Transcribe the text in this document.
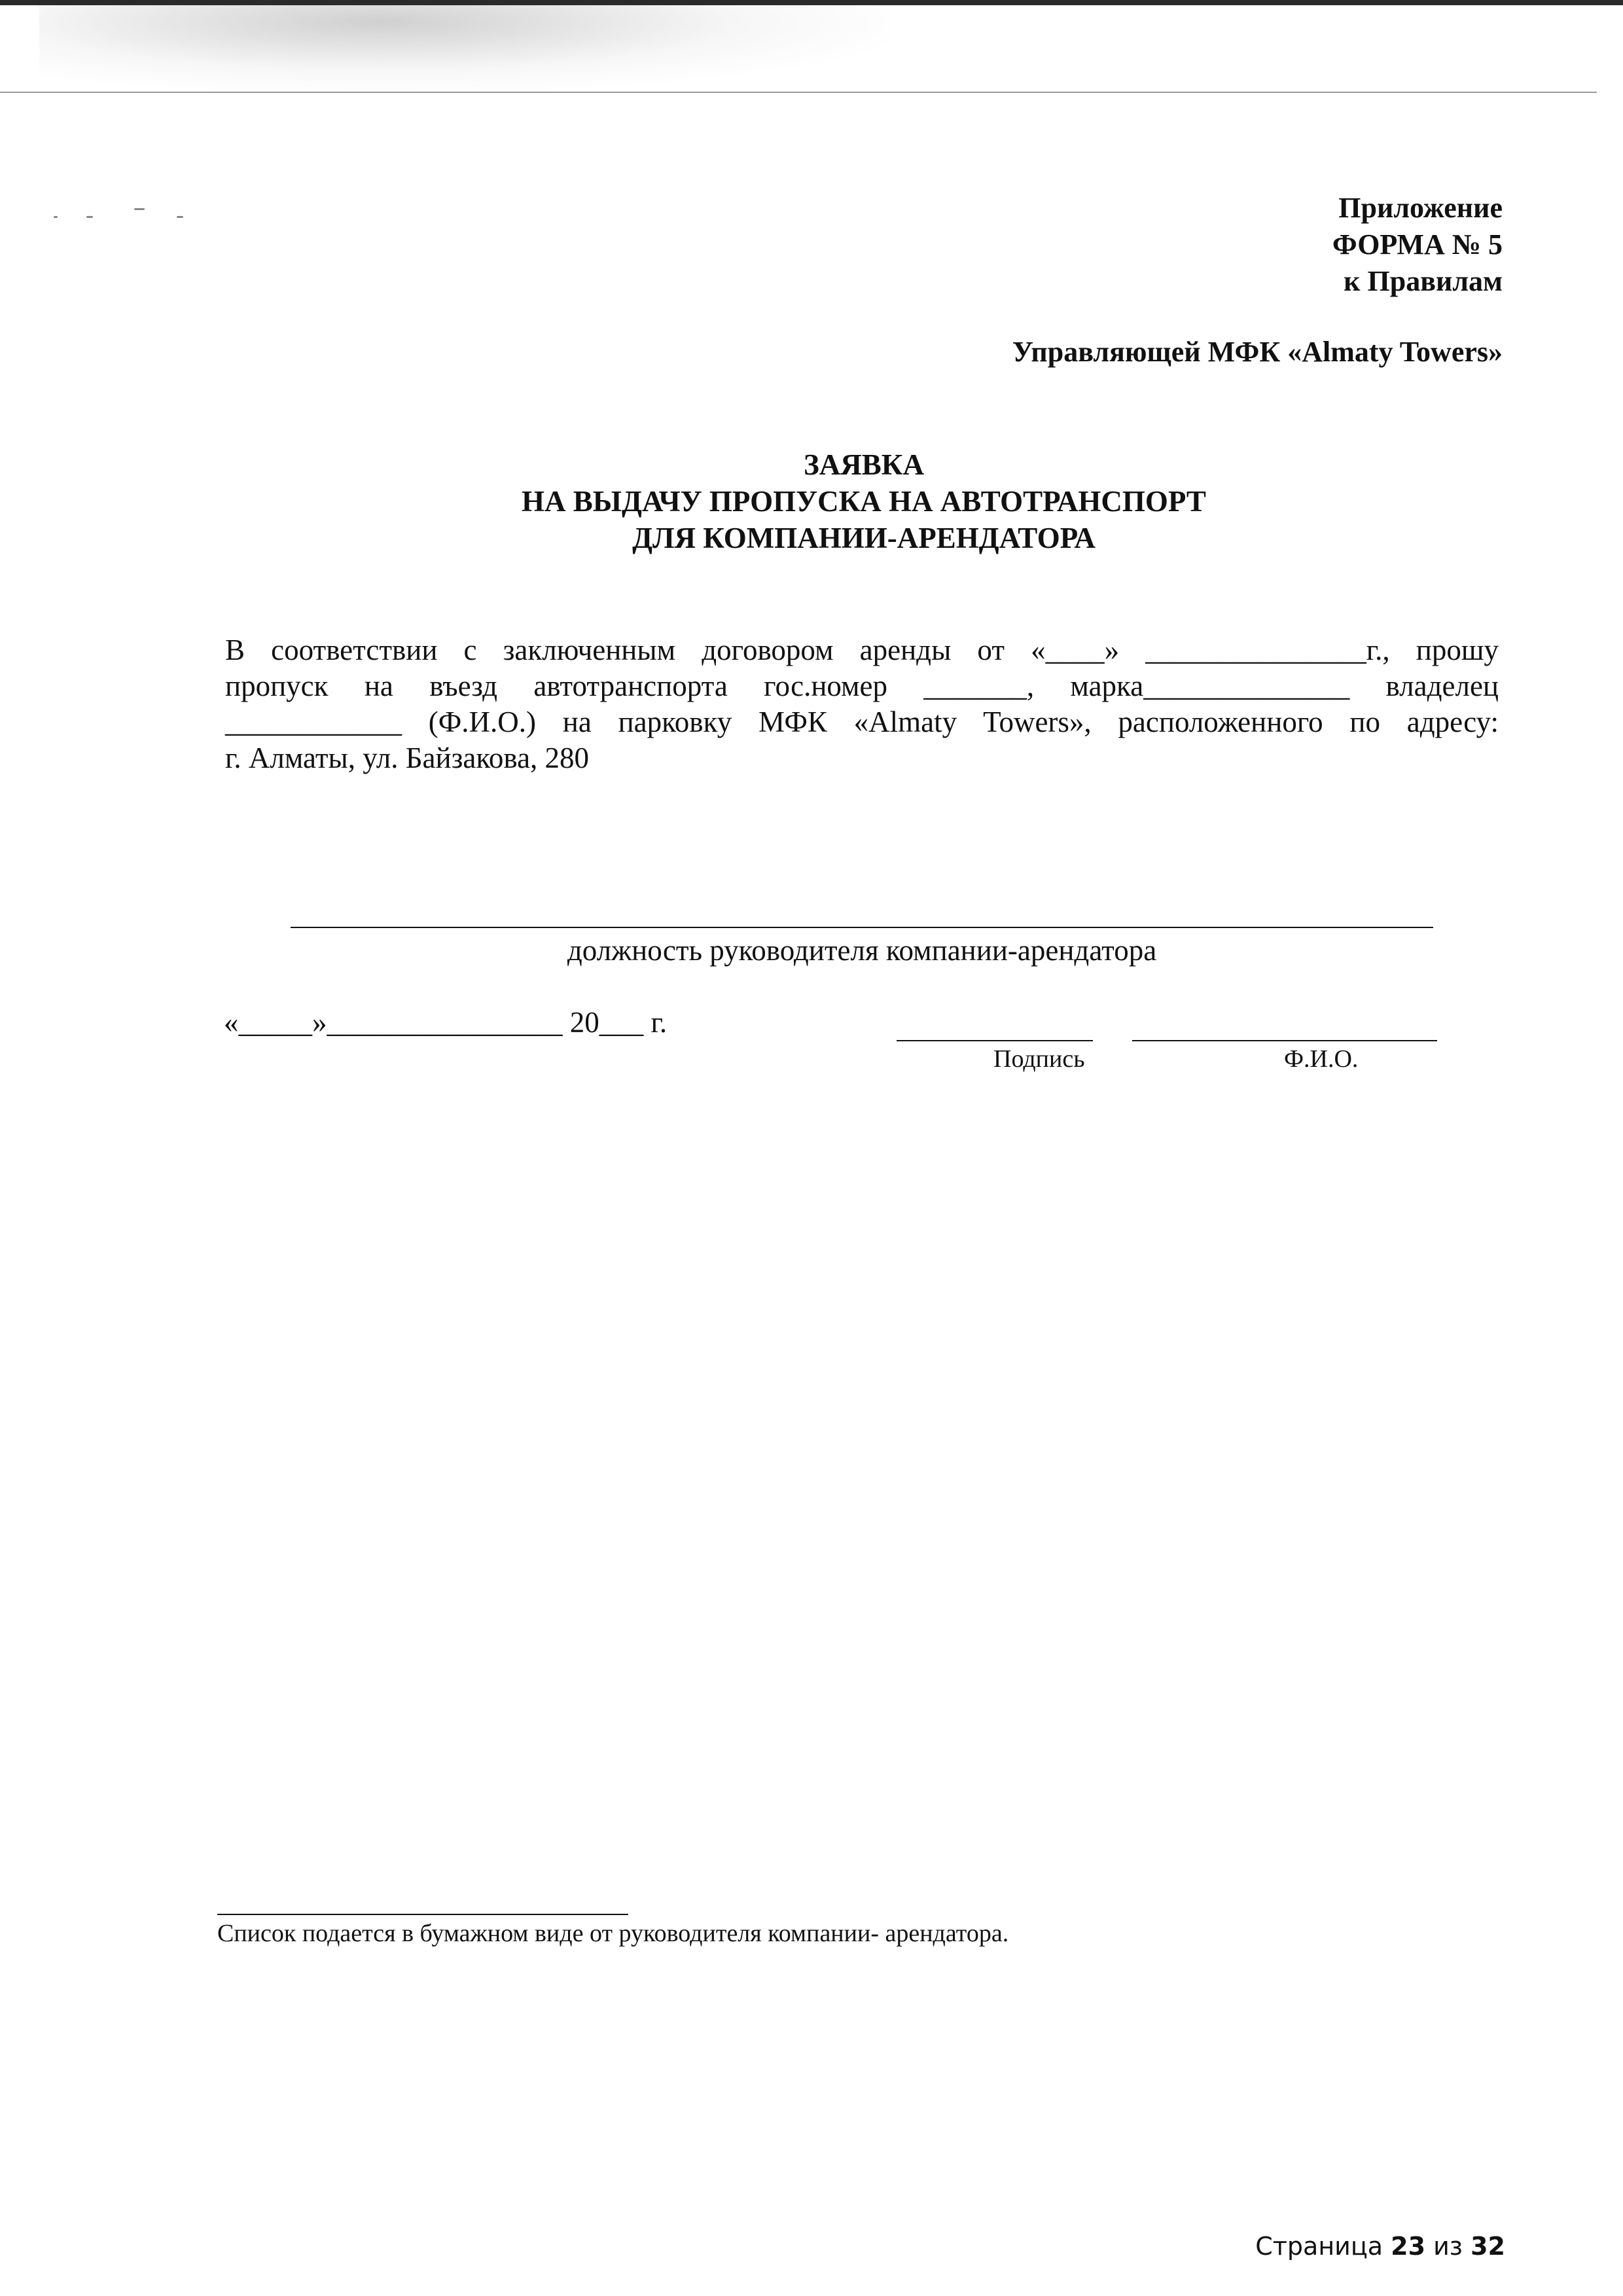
Приложение
ФОРМА № 5
к Правилам
Управляющей МФК «Almaty Towers»
ЗАЯВКА
НА ВЫДАЧУ ПРОПУСКА НА АВТОТРАНСПОРТ
ДЛЯ КОМПАНИИ-АРЕНДАТОРА
В соответствии с заключенным договором аренды от «____» _______________г., прошу
пропуск на въезд автотранспорта гос.номер _______, марка______________ владелец
____________ (Ф.И.О.) на парковку МФК «Almaty Towers», расположенного по адресу:
г. Алматы, ул. Байзакова, 280
должность руководителя компании-арендатора
«_____»________________ 20___ г.
Подпись	Ф.И.О.
Список подается в бумажном виде от руководителя компании- арендатора.
Страница 23 из 32
